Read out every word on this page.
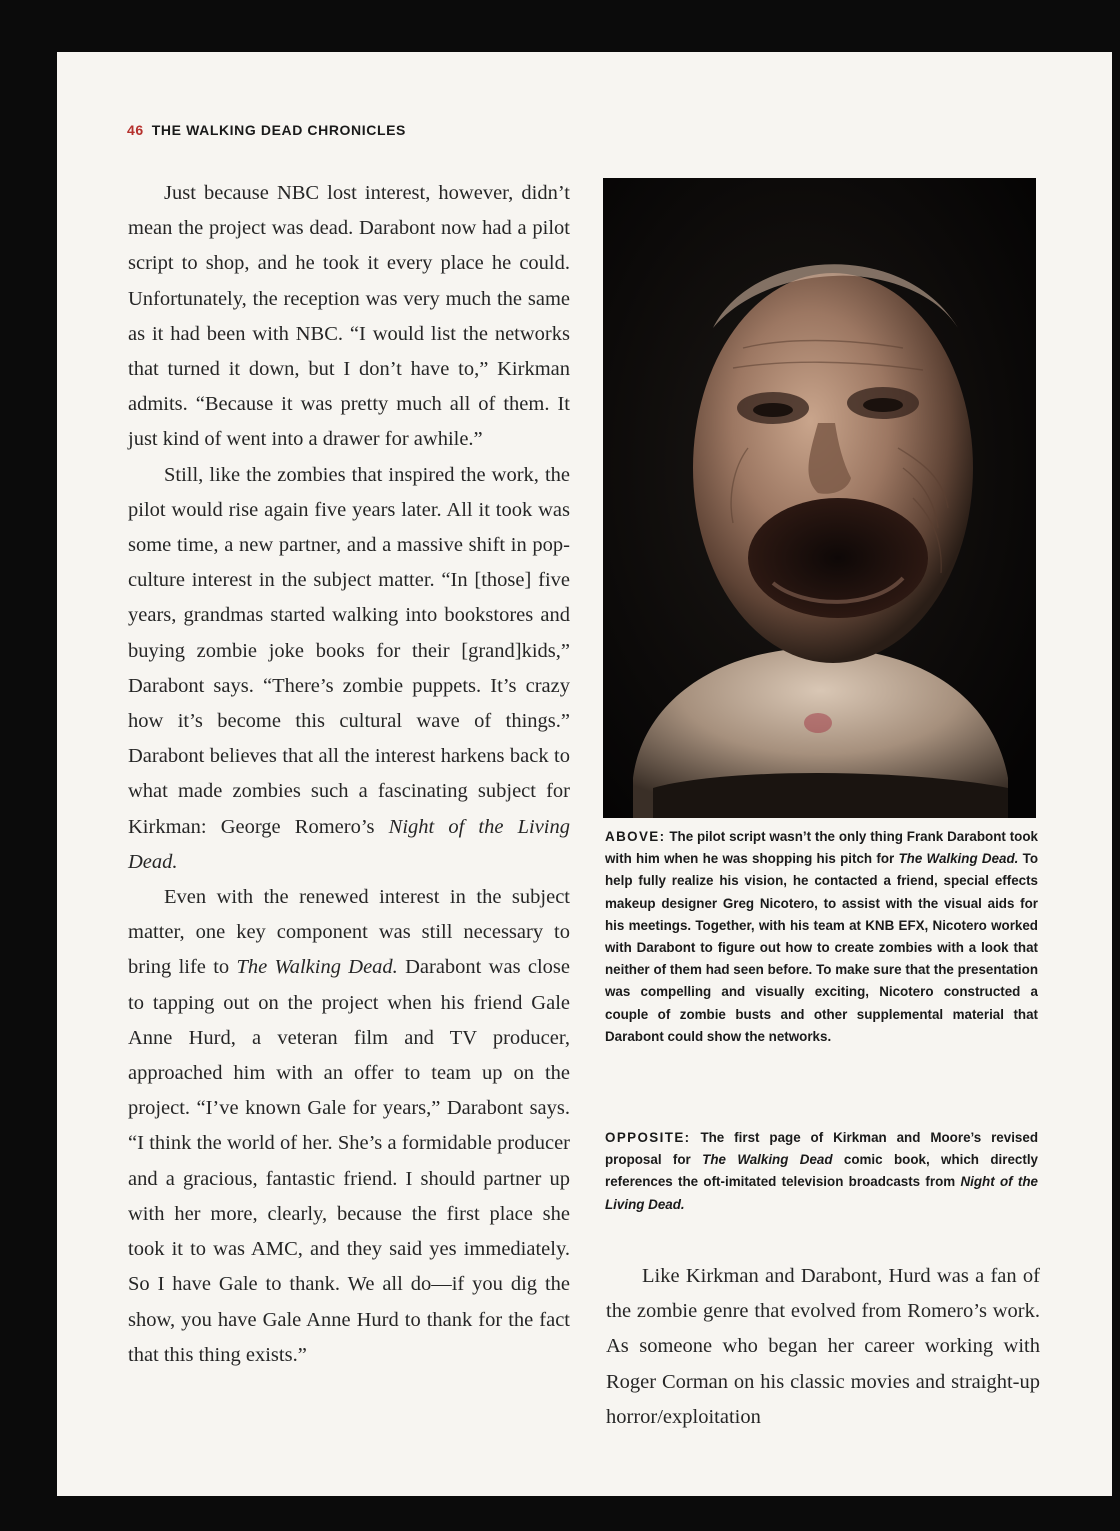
46 THE WALKING DEAD CHRONICLES

Just because NBC lost interest, however, didn’t mean the project was dead. Darabont now had a pilot script to shop, and he took it every place he could. Unfortunately, the reception was very much the same as it had been with NBC. “I would list the networks that turned it down, but I don’t have to,” Kirkman admits. “Because it was pretty much all of them. It just kind of went into a drawer for awhile.”

Still, like the zombies that inspired the work, the pilot would rise again five years later. All it took was some time, a new partner, and a massive shift in pop-culture interest in the subject matter. “In [those] five years, grandmas started walking into bookstores and buying zombie joke books for their [grand]kids,” Darabont says. “There’s zombie puppets. It’s crazy how it’s become this cultural wave of things.” Darabont believes that all the interest harkens back to what made zombies such a fascinating subject for Kirkman: George Romero’s Night of the Living Dead.

Even with the renewed interest in the subject matter, one key component was still necessary to bring life to The Walking Dead. Darabont was close to tapping out on the project when his friend Gale Anne Hurd, a veteran film and TV producer, approached him with an offer to team up on the project. “I’ve known Gale for years,” Darabont says. “I think the world of her. She’s a formidable producer and a gracious, fantastic friend. I should partner up with her more, clearly, because the first place she took it to was AMC, and they said yes immediately. So I have Gale to thank. We all do—if you dig the show, you have Gale Anne Hurd to thank for the fact that this thing exists.”

ABOVE: The pilot script wasn’t the only thing Frank Darabont took with him when he was shopping his pitch for The Walking Dead. To help fully realize his vision, he contacted a friend, special effects makeup designer Greg Nicotero, to assist with the visual aids for his meetings. Together, with his team at KNB EFX, Nicotero worked with Darabont to figure out how to create zombies with a look that neither of them had seen before. To make sure that the presentation was compelling and visually exciting, Nicotero constructed a couple of zombie busts and other supplemental material that Darabont could show the networks.
OPPOSITE: The first page of Kirkman and Moore’s revised proposal for The Walking Dead comic book, which directly references the oft-imitated television broadcasts from Night of the Living Dead.

Like Kirkman and Darabont, Hurd was a fan of the zombie genre that evolved from Romero’s work. As someone who began her career working with Roger Corman on his classic movies and straight-up horror/exploitation
